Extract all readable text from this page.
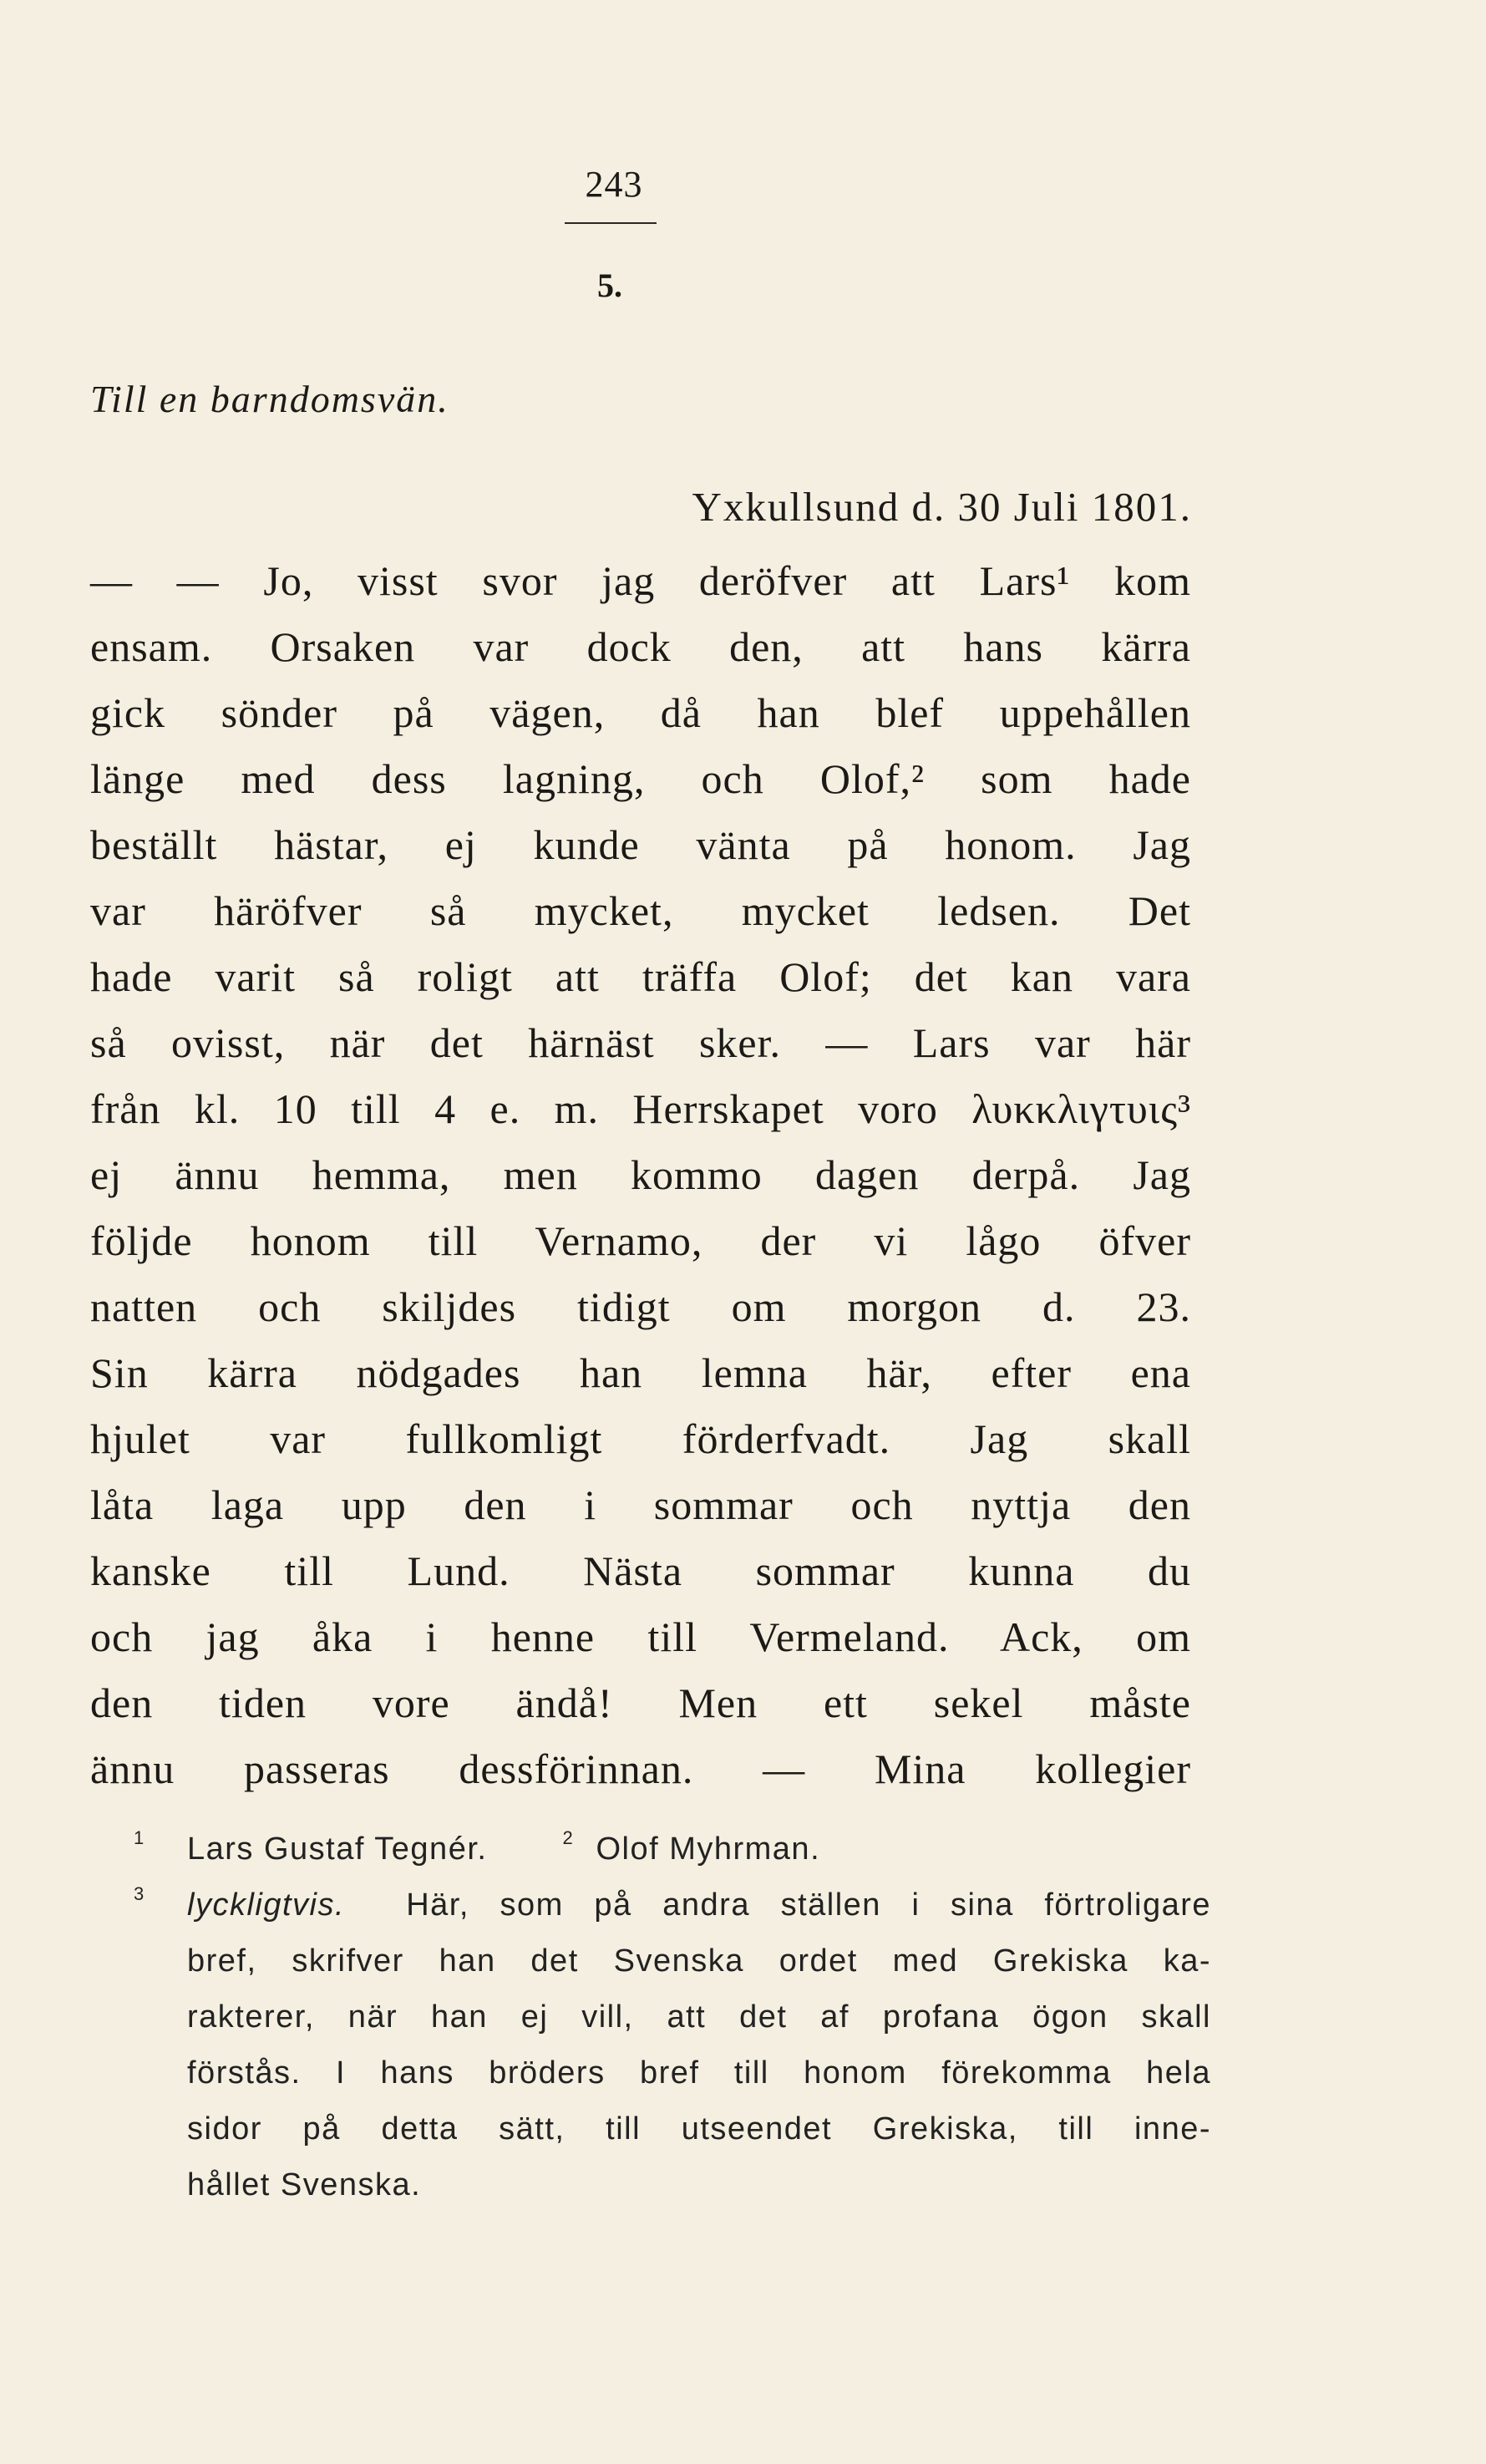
243
5.
Till en barndomsvän.
Yxkullsund d. 30 Juli 1801.
— — Jo, visst svor jag deröfver att Lars¹ kom
ensam. Orsaken var dock den, att hans kärra
gick sönder på vägen, då han blef uppehållen
länge med dess lagning, och Olof,² som hade
beställt hästar, ej kunde vänta på honom. Jag
var häröfver så mycket, mycket ledsen. Det
hade varit så roligt att träffa Olof; det kan vara
så ovisst, när det härnäst sker. — Lars var här
från kl. 10 till 4 e. m. Herrskapet voro λυκκλιγτυις³
ej ännu hemma, men kommo dagen derpå. Jag
följde honom till Vernamo, der vi lågo öfver
natten och skiljdes tidigt om morgon d. 23.
Sin kärra nödgades han lemna här, efter ena
hjulet var fullkomligt förderfvadt. Jag skall
låta laga upp den i sommar och nyttja den
kanske till Lund. Nästa sommar kunna du
och jag åka i henne till Vermeland. Ack, om
den tiden vore ändå! Men ett sekel måste
ännu passeras dessförinnan. — Mina kollegier
1 Lars Gustaf Tegnér.	2 Olof Myhrman.
3	lyckligtvis. Här, som på andra ställen i sina förtroligare
bref, skrifver han det Svenska ordet med Grekiska ka-
rakterer, när han ej vill, att det af profana ögon skall
förstås. I hans bröders bref till honom förekomma hela
sidor på detta sätt, till utseendet Grekiska, till inne-
hållet Svenska.
